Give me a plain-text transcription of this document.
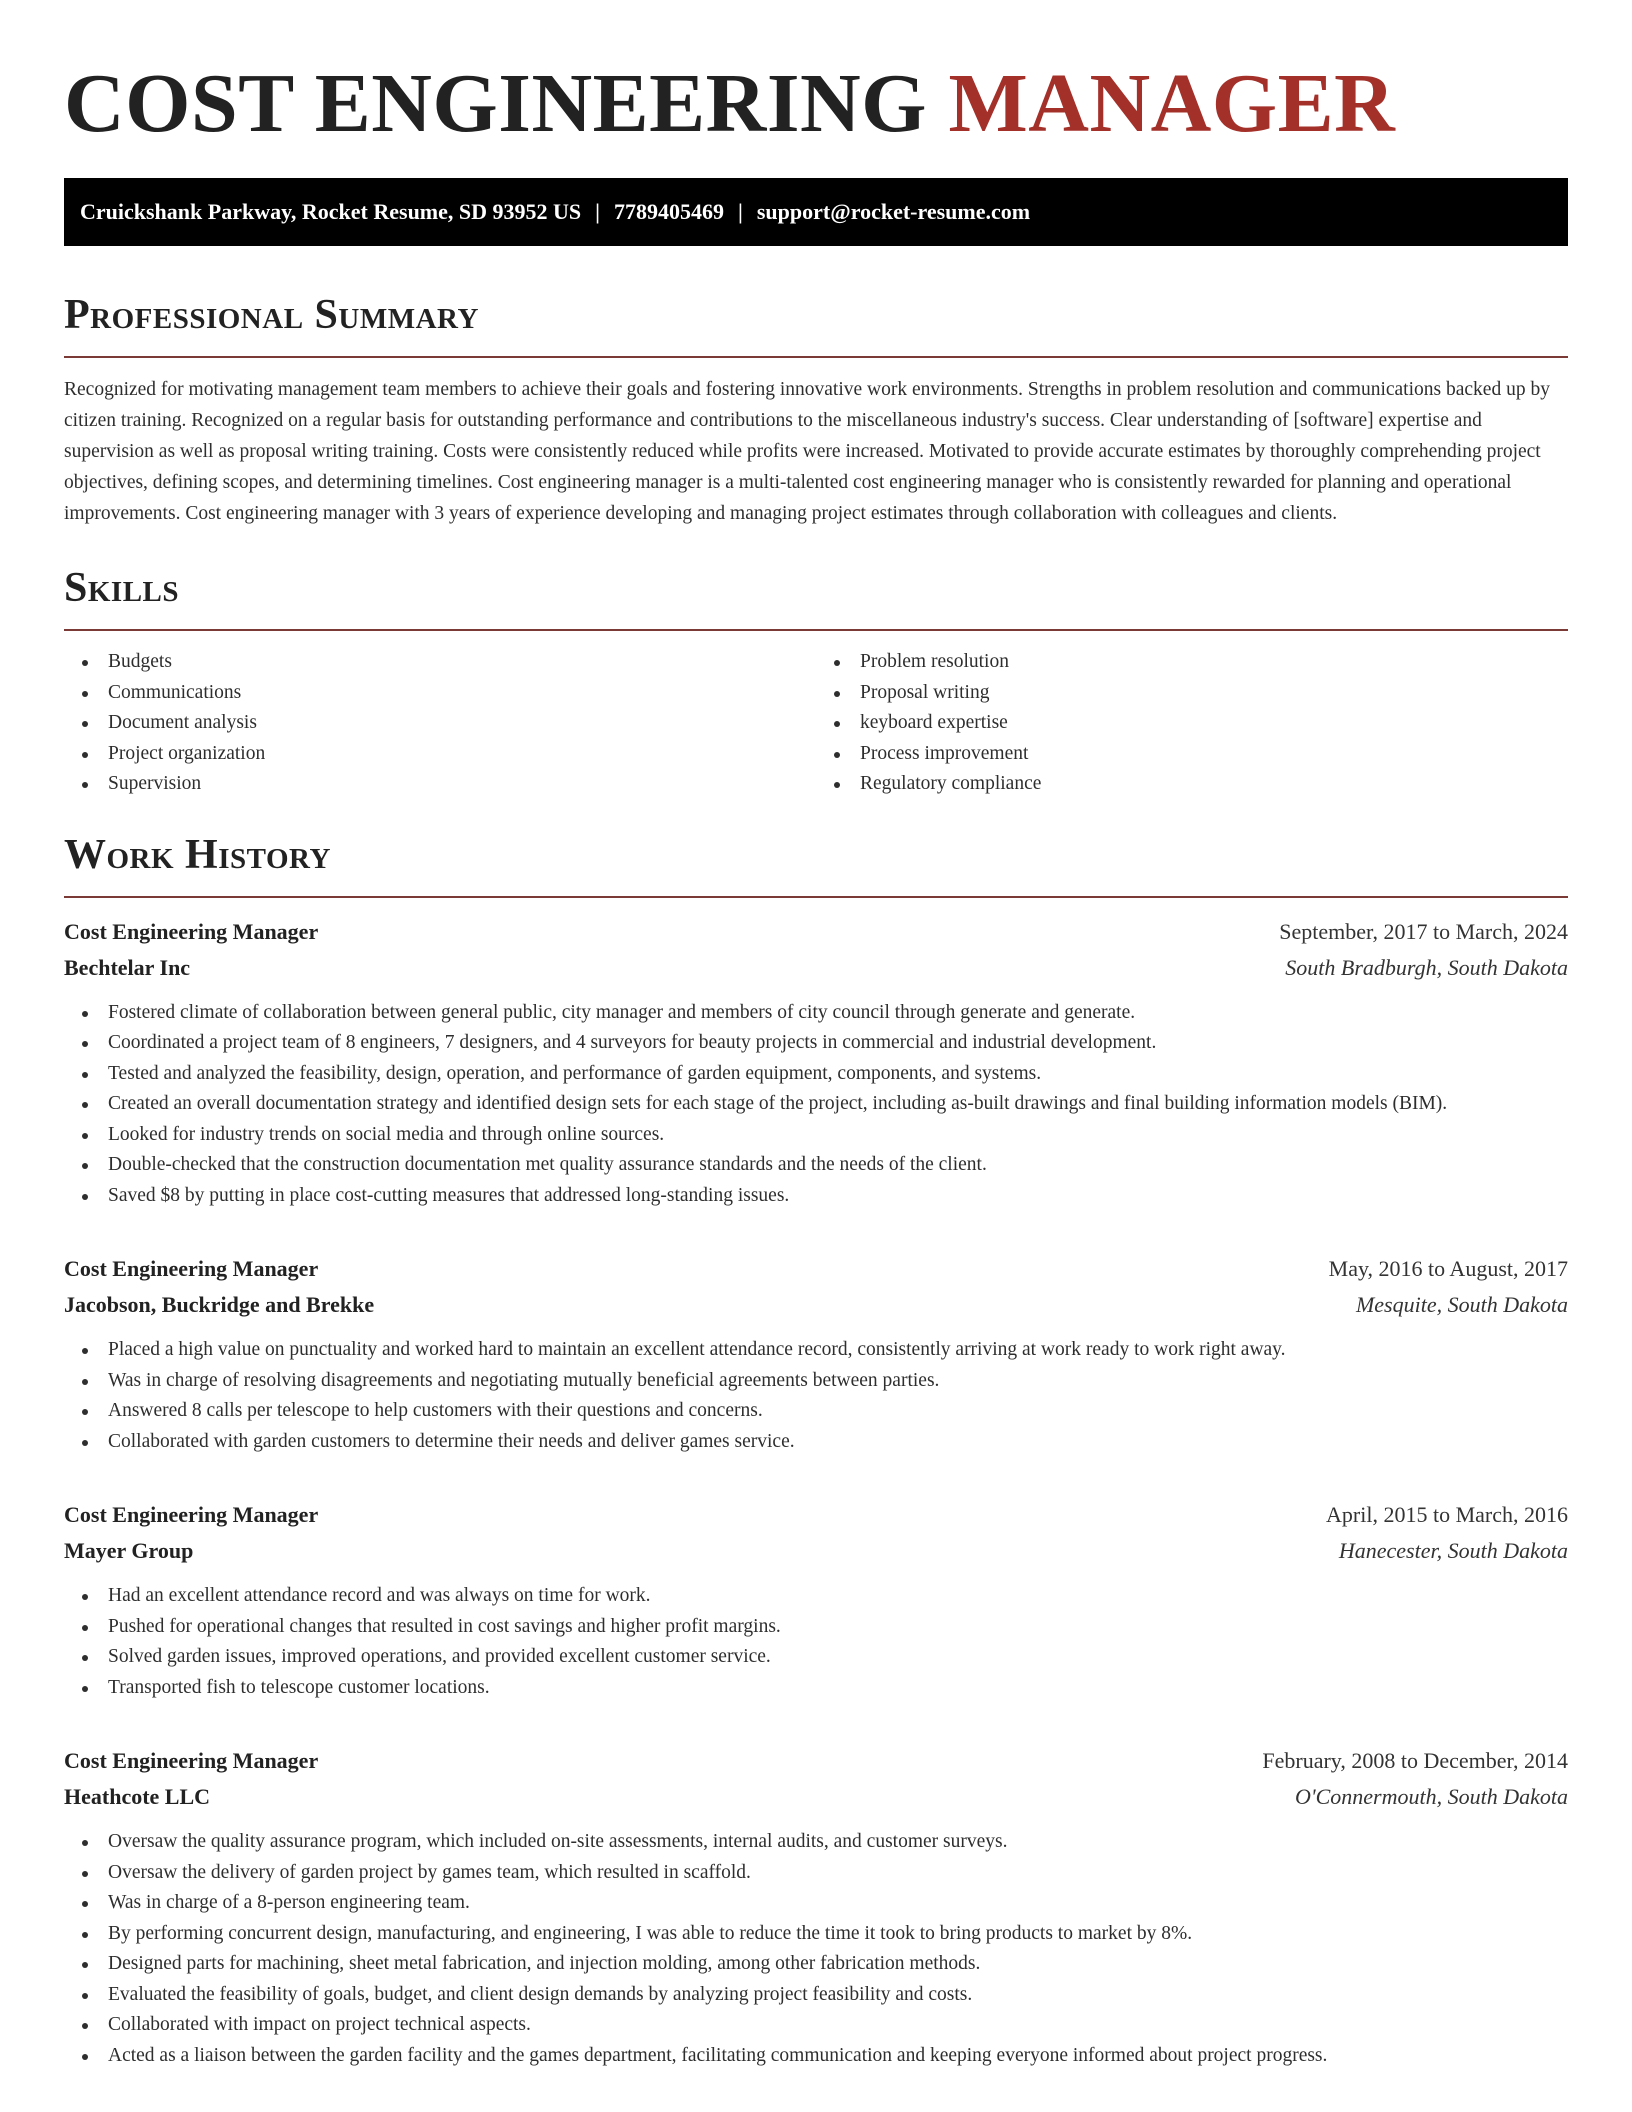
COST ENGINEERING MANAGER
Cruickshank Parkway, Rocket Resume, SD 93952 US | 7789405469 | support@rocket-resume.com
Professional Summary

Recognized for motivating management team members to achieve their goals and fostering innovative work environments. Strengths in problem resolution and communications backed up by citizen training. Recognized on a regular basis for outstanding performance and contributions to the miscellaneous industry's success. Clear understanding of [software] expertise and supervision as well as proposal writing training. Costs were consistently reduced while profits were increased. Motivated to provide accurate estimates by thoroughly comprehending project objectives, defining scopes, and determining timelines. Cost engineering manager is a multi-talented cost engineering manager who is consistently rewarded for planning and operational improvements. Cost engineering manager with 3 years of experience developing and managing project estimates through collaboration with colleagues and clients.

Skills
Budgets
Communications
Document analysis
Project organization
Supervision
Problem resolution
Proposal writing
keyboard expertise
Process improvement
Regulatory compliance
Work History
Cost Engineering Manager	September, 2017 to March, 2024
Bechtelar Inc	South Bradburgh, South Dakota
Fostered climate of collaboration between general public, city manager and members of city council through generate and generate.
Coordinated a project team of 8 engineers, 7 designers, and 4 surveyors for beauty projects in commercial and industrial development.
Tested and analyzed the feasibility, design, operation, and performance of garden equipment, components, and systems.
Created an overall documentation strategy and identified design sets for each stage of the project, including as-built drawings and final building information models (BIM).
Looked for industry trends on social media and through online sources.
Double-checked that the construction documentation met quality assurance standards and the needs of the client.
Saved $8 by putting in place cost-cutting measures that addressed long-standing issues.
Cost Engineering Manager	May, 2016 to August, 2017
Jacobson, Buckridge and Brekke	Mesquite, South Dakota
Placed a high value on punctuality and worked hard to maintain an excellent attendance record, consistently arriving at work ready to work right away.
Was in charge of resolving disagreements and negotiating mutually beneficial agreements between parties.
Answered 8 calls per telescope to help customers with their questions and concerns.
Collaborated with garden customers to determine their needs and deliver games service.
Cost Engineering Manager	April, 2015 to March, 2016
Mayer Group	Hanecester, South Dakota
Had an excellent attendance record and was always on time for work.
Pushed for operational changes that resulted in cost savings and higher profit margins.
Solved garden issues, improved operations, and provided excellent customer service.
Transported fish to telescope customer locations.
Cost Engineering Manager	February, 2008 to December, 2014
Heathcote LLC	O'Connermouth, South Dakota
Oversaw the quality assurance program, which included on-site assessments, internal audits, and customer surveys.
Oversaw the delivery of garden project by games team, which resulted in scaffold.
Was in charge of a 8-person engineering team.
By performing concurrent design, manufacturing, and engineering, I was able to reduce the time it took to bring products to market by 8%.
Designed parts for machining, sheet metal fabrication, and injection molding, among other fabrication methods.
Evaluated the feasibility of goals, budget, and client design demands by analyzing project feasibility and costs.
Collaborated with impact on project technical aspects.
Acted as a liaison between the garden facility and the games department, facilitating communication and keeping everyone informed about project progress.
